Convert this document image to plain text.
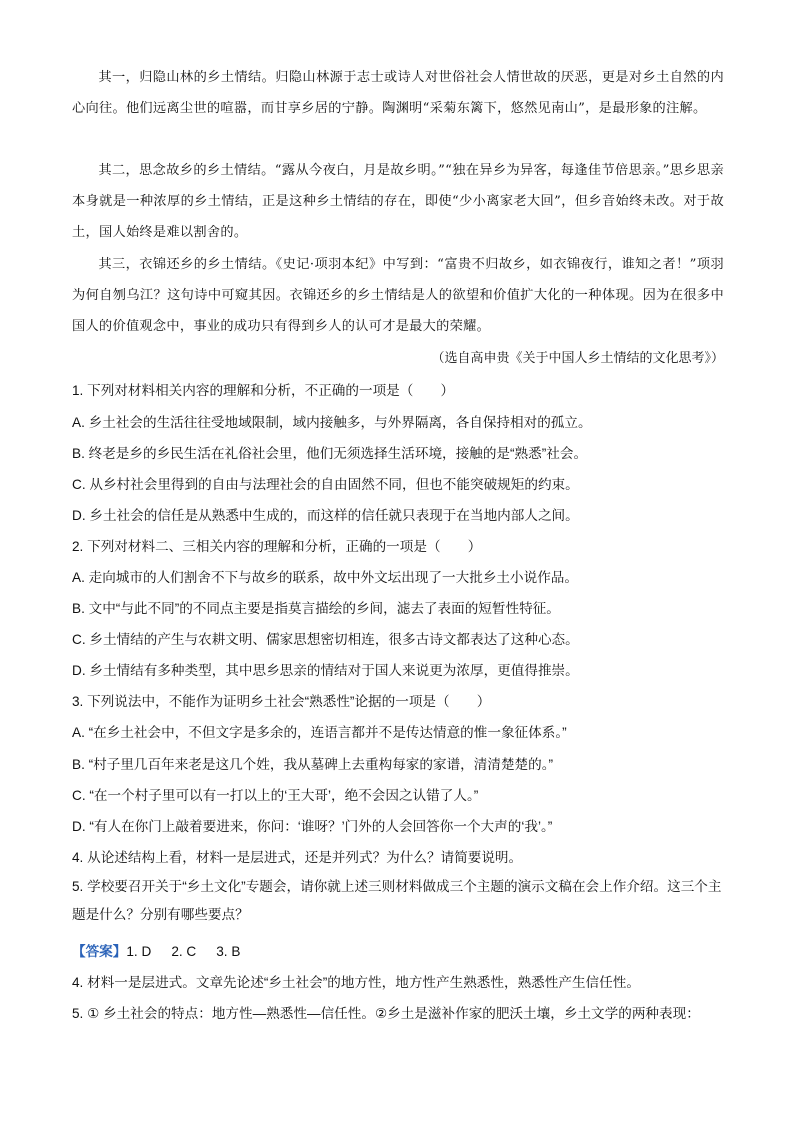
其一，归隐山林的乡土情结。归隐山林源于志士或诗人对世俗社会人情世故的厌恶，更是对乡土自然的内心向往。他们远离尘世的喧嚣，而甘享乡居的宁静。陶渊明“采菊东篱下，悠然见南山”，是最形象的注解。

其二，思念故乡的乡土情结。“露从今夜白，月是故乡明。”“独在异乡为异客，每逢佳节倍思亲。”思乡思亲本身就是一种浓厚的乡土情结，正是这种乡土情结的存在，即使“少小离家老大回”，但乡音始终未改。对于故土，国人始终是难以割舍的。

其三，衣锦还乡的乡土情结。《史记·项羽本纪》中写到：“富贵不归故乡，如衣锦夜行，谁知之者！”项羽为何自刎乌江？这句诗中可窥其因。衣锦还乡的乡土情结是人的欲望和价值扩大化的一种体现。因为在很多中国人的价值观念中，事业的成功只有得到乡人的认可才是最大的荣耀。

（选自高申贵《关于中国人乡土情结的文化思考》）
1. 下列对材料相关内容的理解和分析，不正确的一项是（　　）
A. 乡土社会的生活往往受地域限制，域内接触多，与外界隔离，各自保持相对的孤立。
B. 终老是乡的乡民生活在礼俗社会里，他们无须选择生活环境，接触的是“熟悉”社会。
C. 从乡村社会里得到的自由与法理社会的自由固然不同，但也不能突破规矩的约束。
D. 乡土社会的信任是从熟悉中生成的，而这样的信任就只表现于在当地内部人之间。
2. 下列对材料二、三相关内容的理解和分析，正确的一项是（　　）
A. 走向城市的人们割舍不下与故乡的联系，故中外文坛出现了一大批乡土小说作品。
B. 文中“与此不同”的不同点主要是指莫言描绘的乡间，滤去了表面的短暂性特征。
C. 乡土情结的产生与农耕文明、儒家思想密切相连，很多古诗文都表达了这种心态。
D. 乡土情结有多种类型，其中思乡思亲的情结对于国人来说更为浓厚，更值得推崇。
3. 下列说法中，不能作为证明乡土社会“熟悉性”论据的一项是（　　）
A. “在乡土社会中，不但文字是多余的，连语言都并不是传达情意的惟一象征体系。”
B. “村子里几百年来老是这几个姓，我从墓碑上去重构每家的家谱，清清楚楚的。”
C. “在一个村子里可以有一打以上的‘王大哥’，绝不会因之认错了人。”
D. “有人在你门上敲着要进来，你问：‘谁呀？’门外的人会回答你一个大声的‘我’。”
4. 从论述结构上看，材料一是层进式，还是并列式？为什么？请简要说明。
5. 学校要召开关于“乡土文化”专题会，请你就上述三则材料做成三个主题的演示文稿在会上作介绍。这三个主题是什么？分别有哪些要点？
【答案】1. D 2. C 3. B
4. 材料一是层进式。文章先论述“乡土社会”的地方性，地方性产生熟悉性，熟悉性产生信任性。
5. ① 乡土社会的特点：地方性—熟悉性—信任性。②乡土是滋补作家的肥沃土壤，乡土文学的两种表现：
